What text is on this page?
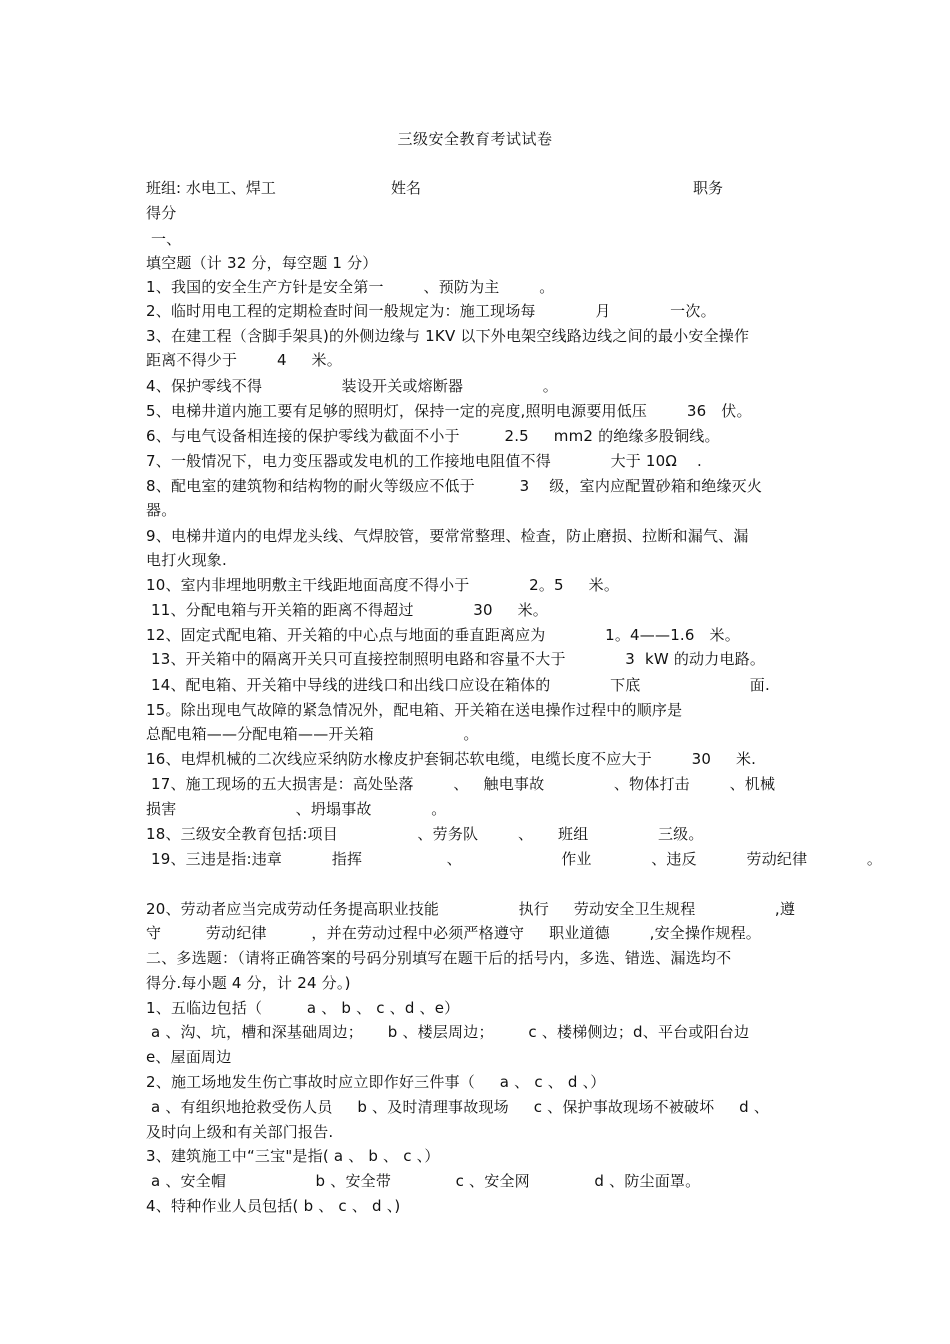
三级安全教育考试试卷
班组: 水电工、焊工	姓名	职务
得分
一、
填空题（计 32 分，每空题 1 分）
1、我国的安全生产方针是安全第一        、预防为主        。
2、临时用电工程的定期检查时间一般规定为：施工现场每            月            一次。
3、在建工程（含脚手架具)的外侧边缘与 1KV 以下外电架空线路边线之间的最小安全操作
距离不得少于        4     米。
4、保护零线不得                装设开关或熔断器                。
5、电梯井道内施工要有足够的照明灯，保持一定的亮度,照明电源要用低压        36   伏。
6、与电气设备相连接的保护零线为截面不小于         2.5     mm2 的绝缘多股铜线。
7、一般情况下，电力变压器或发电机的工作接地电阻值不得            大于 10Ω    .
8、配电室的建筑物和结构物的耐火等级应不低于         3    级，室内应配置砂箱和绝缘灭火
器。
9、电梯井道内的电焊龙头线、气焊胶管，要常常整理、检查，防止磨损、拉断和漏气、漏
电打火现象.
10、室内非埋地明敷主干线距地面高度不得小于            2。5     米。
11、分配电箱与开关箱的距离不得超过            30     米。
12、固定式配电箱、开关箱的中心点与地面的垂直距离应为            1。4——1.6   米。
13、开关箱中的隔离开关只可直接控制照明电路和容量不大于            3  kW 的动力电路。
14、配电箱、开关箱中导线的进线口和出线口应设在箱体的            下底                      面.
15。除出现电气故障的紧急情况外，配电箱、开关箱在送电操作过程中的顺序是
总配电箱——分配电箱——开关箱                  。
16、电焊机械的二次线应采纳防水橡皮护套铜芯软电缆，电缆长度不应大于        30     米.
17、施工现场的五大损害是：高处坠落        、   触电事故              、物体打击        、机械
损害                        、坍塌事故            。
18、三级安全教育包括:项目                、劳务队        、     班组              三级。
19、三违是指:违章          指挥                 、                    作业            、违反          劳动纪律            。
20、劳动者应当完成劳动任务提高职业技能                执行     劳动安全卫生规程                ,遵
守         劳动纪律         ，并在劳动过程中必须严格遵守     职业道德        ,安全操作规程。
二、多选题：（请将正确答案的号码分别填写在题干后的括号内，多选、错选、漏选均不
得分.每小题 4 分，计 24 分。)
1、五临边包括（         a 、 b 、 c 、d 、e）
a 、沟、坑，槽和深基础周边；     b 、楼层周边；       c 、楼梯侧边；d、平台或阳台边
e、屋面周边
2、施工场地发生伤亡事故时应立即作好三件事（     a 、 c 、 d 、）
a 、有组织地抢救受伤人员     b 、及时清理事故现场     c 、保护事故现场不被破坏     d 、
及时向上级和有关部门报告.
3、建筑施工中“三宝"是指( a 、 b 、 c 、）
a 、安全帽                  b 、安全带             c 、安全网             d 、防尘面罩。
4、特种作业人员包括( b 、 c 、 d 、)
